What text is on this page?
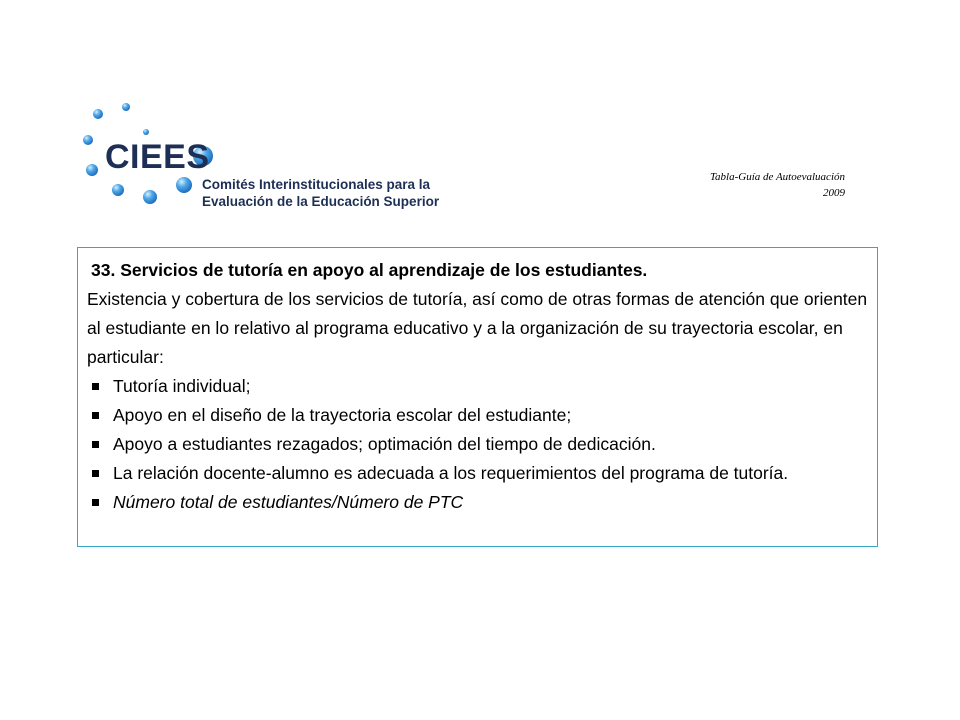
CIEES
Comités Interinstitucionales para la
Evaluación de la Educación Superior
Tabla-Guía de Autoevaluación
2009
33. Servicios de tutoría en apoyo al aprendizaje de los estudiantes.

Existencia y cobertura de los servicios de tutoría, así como de otras formas de atención que orienten al estudiante en lo relativo al programa educativo y a la organización de su trayectoria escolar, en particular:

Tutoría individual;
Apoyo en el diseño de la trayectoria escolar del estudiante;
Apoyo a estudiantes rezagados; optimación del tiempo de dedicación.
La relación docente-alumno es adecuada a los requerimientos del programa de tutoría.
Número total de estudiantes/Número de PTC
